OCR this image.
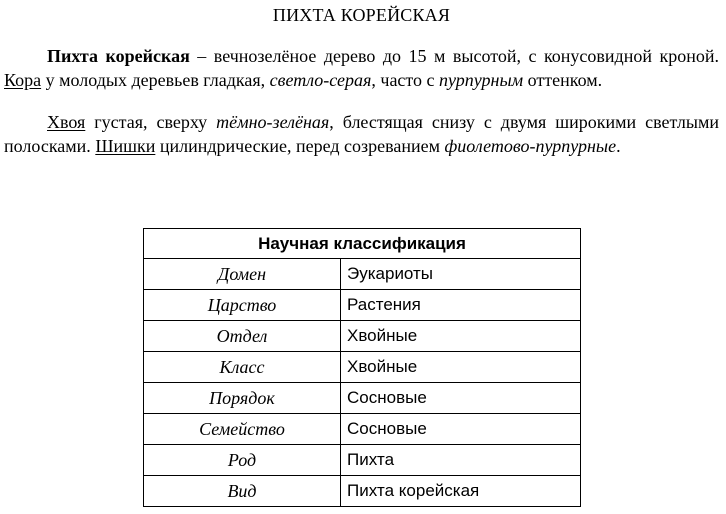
ПИХТА КОРЕЙСКАЯ

Пихта корейская – вечнозелёное дерево до 15 м высотой, с конусовидной кроной. Кора у молодых деревьев гладкая, светло-серая, часто с пурпурным оттенком.

Хвоя густая, сверху тёмно-зелёная, блестящая снизу с двумя широкими светлыми полосками. Шишки цилиндрические, перед созреванием фиолетово-пурпурные.

Научная классификация	
Домен	Эукариоты
Царство	Растения
Отдел	Хвойные
Класс	Хвойные
Порядок	Сосновые
Семейство	Сосновые
Род	Пихта
Вид	Пихта корейская
